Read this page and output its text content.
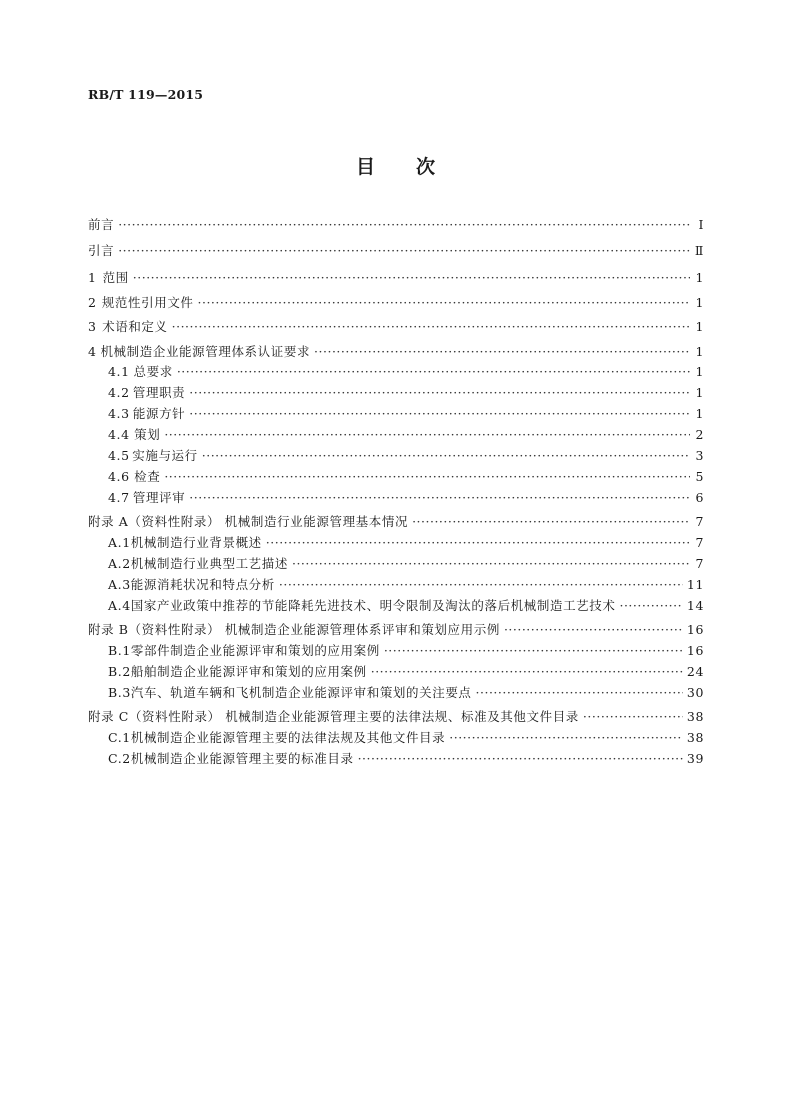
RB/T 119—2015
目 次
前言 ·····	Ⅰ
引言 ·····	Ⅱ
1 范围 ·····	1
2 规范性引用文件 ·····	1
3 术语和定义 ·····	1
4 机械制造企业能源管理体系认证要求 ·····	1
4.1 总要求 ·····	1
4.2 管理职责 ·····	1
4.3 能源方针 ·····	1
4.4 策划 ·····	2
4.5 实施与运行 ·····	3
4.6 检查 ·····	5
4.7 管理评审 ·····	6
附录 A（资料性附录） 机械制造行业能源管理基本情况 ·····	7
A.1 机械制造行业背景概述 ·····	7
A.2 机械制造行业典型工艺描述 ·····	7
A.3 能源消耗状况和特点分析 ·····	11
A.4 国家产业政策中推荐的节能降耗先进技术、明令限制及淘汰的落后机械制造工艺技术 ·····	14
附录 B（资料性附录） 机械制造企业能源管理体系评审和策划应用示例 ·····	16
B.1 零部件制造企业能源评审和策划的应用案例 ·····	16
B.2 船舶制造企业能源评审和策划的应用案例 ·····	24
B.3 汽车、轨道车辆和飞机制造企业能源评审和策划的关注要点 ·····	30
附录 C（资料性附录） 机械制造企业能源管理主要的法律法规、标准及其他文件目录 ·····	38
C.1 机械制造企业能源管理主要的法律法规及其他文件目录 ·····	38
C.2 机械制造企业能源管理主要的标准目录 ·····	39
